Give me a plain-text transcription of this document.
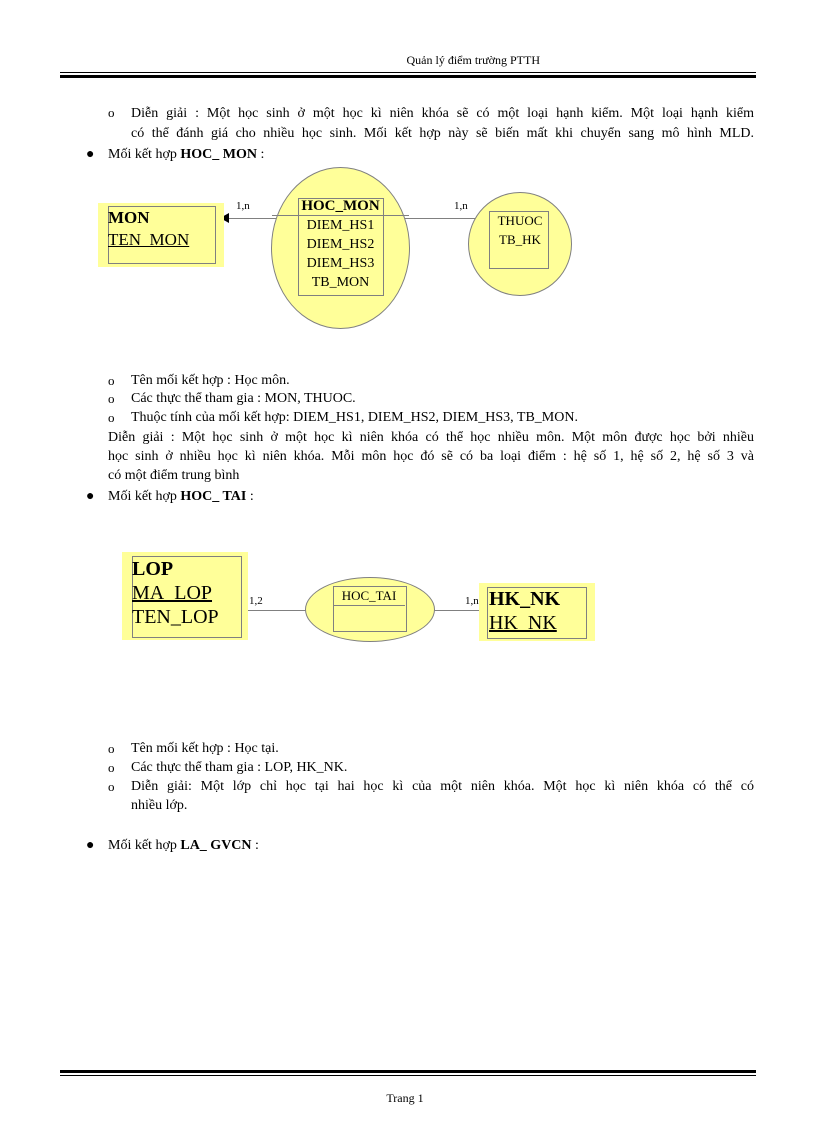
Quản lý điểm trường PTTH
o Diễn giải : Một học sinh ở một học kì niên khóa sẽ có một loại hạnh kiểm. Một loại hạnh kiểm
có thể đánh giá cho nhiều học sinh. Mối kết hợp này sẽ biến mất khi chuyển sang mô hình MLD.
● Mối kết hợp HOC_ MON :
1,n	1,n
MON
TEN_MON
HOC_MON
DIEM_HS1
DIEM_HS2
DIEM_HS3
TB_MON
THUOC
TB_HK
o Tên mối kết hợp : Học môn.
o Các thực thể tham gia : MON, THUOC.
o Thuộc tính của mối kết hợp: DIEM_HS1, DIEM_HS2, DIEM_HS3, TB_MON.
Diễn giải : Một học sinh ở một học kì niên khóa có thể học nhiều môn. Một môn được học bởi nhiều
học sinh ở nhiều học kì niên khóa. Mỗi môn học đó sẽ có ba loại điểm : hệ số 1, hệ số 2, hệ số 3 và
có một điểm trung bình
● Mối kết hợp HOC_ TAI :
1,2	1,n
LOP
MA_LOP
TEN_LOP
HOC_TAI	HK_NK
HK_NK
o Tên mối kết hợp : Học tại.
o Các thực thể tham gia : LOP, HK_NK.
o Diễn giải: Một lớp chỉ học tại hai học kì của một niên khóa. Một học kì niên khóa có thể có
nhiều lớp.
● Mối kết hợp LA_ GVCN :
Trang 1
